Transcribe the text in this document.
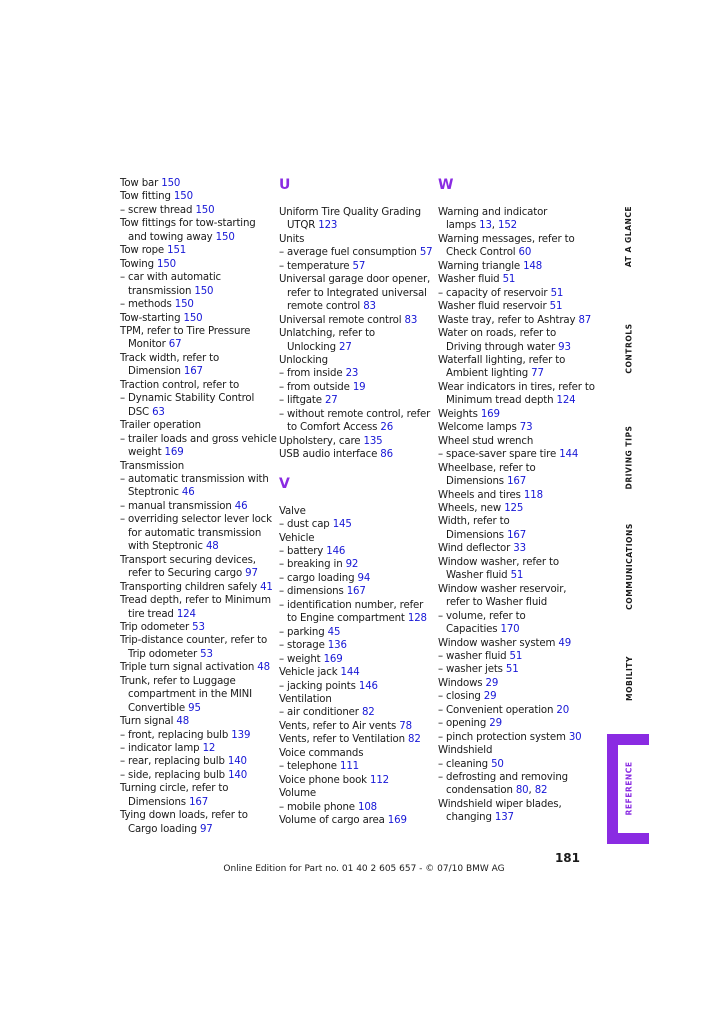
Tow bar 150
Tow fitting 150
– screw thread 150
Tow fittings for tow-starting
and towing away 150
Tow rope 151
Towing 150
– car with automatic
transmission 150
– methods 150
Tow-starting 150
TPM, refer to Tire Pressure
Monitor 67
Track width, refer to
Dimension 167
Traction control, refer to
– Dynamic Stability Control
DSC 63
Trailer operation
– trailer loads and gross vehicle
weight 169
Transmission
– automatic transmission with
Steptronic 46
– manual transmission 46
– overriding selector lever lock
for automatic transmission
with Steptronic 48
Transport securing devices,
refer to Securing cargo 97
Transporting children safely 41
Tread depth, refer to Minimum
tire tread 124
Trip odometer 53
Trip-distance counter, refer to
Trip odometer 53
Triple turn signal activation 48
Trunk, refer to Luggage
compartment in the MINI
Convertible 95
Turn signal 48
– front, replacing bulb 139
– indicator lamp 12
– rear, replacing bulb 140
– side, replacing bulb 140
Turning circle, refer to
Dimensions 167
Tying down loads, refer to
Cargo loading 97
U
Uniform Tire Quality Grading
UTQR 123
Units
– average fuel consumption 57
– temperature 57
Universal garage door opener,
refer to Integrated universal
remote control 83
Universal remote control 83
Unlatching, refer to
Unlocking 27
Unlocking
– from inside 23
– from outside 19
– liftgate 27
– without remote control, refer
to Comfort Access 26
Upholstery, care 135
USB audio interface 86
V
Valve
– dust cap 145
Vehicle
– battery 146
– breaking in 92
– cargo loading 94
– dimensions 167
– identification number, refer
to Engine compartment 128
– parking 45
– storage 136
– weight 169
Vehicle jack 144
– jacking points 146
Ventilation
– air conditioner 82
Vents, refer to Air vents 78
Vents, refer to Ventilation 82
Voice commands
– telephone 111
Voice phone book 112
Volume
– mobile phone 108
Volume of cargo area 169
W
Warning and indicator
lamps 13, 152
Warning messages, refer to
Check Control 60
Warning triangle 148
Washer fluid 51
– capacity of reservoir 51
Washer fluid reservoir 51
Waste tray, refer to Ashtray 87
Water on roads, refer to
Driving through water 93
Waterfall lighting, refer to
Ambient lighting 77
Wear indicators in tires, refer to
Minimum tread depth 124
Weights 169
Welcome lamps 73
Wheel stud wrench
– space-saver spare tire 144
Wheelbase, refer to
Dimensions 167
Wheels and tires 118
Wheels, new 125
Width, refer to
Dimensions 167
Wind deflector 33
Window washer, refer to
Washer fluid 51
Window washer reservoir,
refer to Washer fluid
– volume, refer to
Capacities 170
Window washer system 49
– washer fluid 51
– washer jets 51
Windows 29
– closing 29
– Convenient operation 20
– opening 29
– pinch protection system 30
Windshield
– cleaning 50
– defrosting and removing
condensation 80, 82
Windshield wiper blades,
changing 137
AT A GLANCE
CONTROLS
DRIVING TIPS
COMMUNICATIONS
MOBILITY
REFERENCE
181
Online Edition for Part no. 01 40 2 605 657 - © 07/10 BMW AG
